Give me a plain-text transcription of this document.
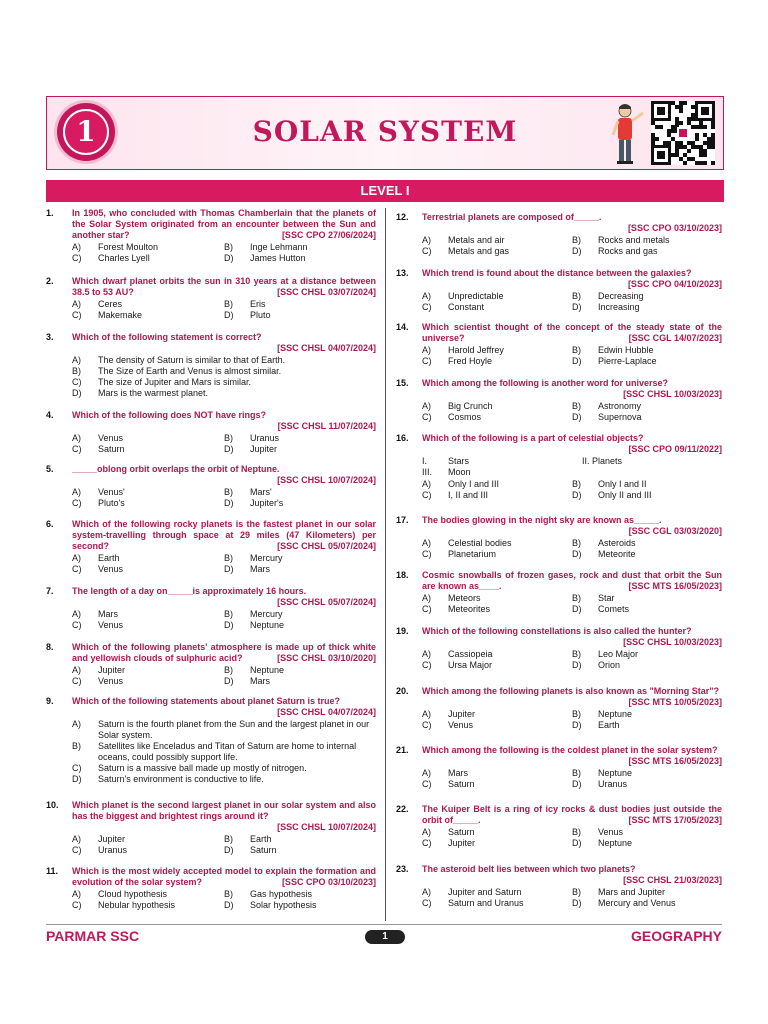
1	SOLAR SYSTEM
LEVEL I
1. In 1905, who concluded with Thomas Chamberlain that the planets of the Solar System originated from an encounter between the Sun and another star?	[SSC CPO 27/06/2024]
A)	Forest Moulton	B)	Inge Lehmann
C)	Charles Lyell	D)	James Hutton
2. Which dwarf planet orbits the sun in 310 years at a distance between 38.5 to 53 AU?	[SSC CHSL 03/07/2024]
A)	Ceres	B)	Eris
C)	Makemake	D)	Pluto
3. Which of the following statement is correct?
[SSC CHSL 04/07/2024]
A)	The density of Saturn is similar to that of Earth.
B)	The Size of Earth and Venus is almost similar.
C)	The size of Jupiter and Mars is similar.
D)	Mars is the warmest planet.
4. Which of the following does NOT have rings?
[SSC CHSL 11/07/2024]
A)	Venus	B)	Uranus
C)	Saturn	D)	Jupiter
5. _____oblong orbit overlaps the orbit of Neptune.
[SSC CHSL 10/07/2024]
A)	Venus'	B)	Mars'
C)	Pluto's	D)	Jupiter's
6. Which of the following rocky planets is the fastest planet in our solar system-travelling through space at 29 miles (47 Kilometers) per second?	[SSC CHSL 05/07/2024]
A)	Earth	B)	Mercury
C)	Venus	D)	Mars
7. The length of a day on_____is approximately 16 hours.
[SSC CHSL 05/07/2024]
A)	Mars	B)	Mercury
C)	Venus	D)	Neptune
8. Which of the following planets' atmosphere is made up of thick white and yellowish clouds of sulphuric acid?	[SSC CHSL 03/10/2020]
A)	Jupiter	B)	Neptune
C)	Venus	D)	Mars
9. Which of the following statements about planet Saturn is true?
[SSC CHSL 04/07/2024]
A)	Saturn is the fourth planet from the Sun and the largest planet in our Solar system.
B)	Satellites like Enceladus and Titan of Saturn are home to internal oceans, could possibly support life.
C)	Saturn is a massive ball made up mostly of nitrogen.
D)	Saturn's environment is conductive to life.
10. Which planet is the second largest planet in our solar system and also has the biggest and brightest rings around it?
[SSC CHSL 10/07/2024]
A)	Jupiter	B)	Earth
C)	Uranus	D)	Saturn
11. Which is the most widely accepted model to explain the formation and evolution of the solar system?	[SSC CPO 03/10/2023]
A)	Cloud hypothesis	B)	Gas hypothesis
C)	Nebular hypothesis	D)	Solar hypothesis
12. Terrestrial planets are composed of_____.
[SSC CPO 03/10/2023]
A)	Metals and air	B)	Rocks and metals
C)	Metals and gas	D)	Rocks and gas
13. Which trend is found about the distance between the galaxies?
[SSC CPO 04/10/2023]
A)	Unpredictable	B)	Decreasing
C)	Constant	D)	Increasing
14. Which scientist thought of the concept of the steady state of the universe?	[SSC CGL 14/07/2023]
A)	Harold Jeffrey	B)	Edwin Hubble
C)	Fred Hoyle	D)	Pierre-Laplace
15. Which among the following is another word for universe?
[SSC CHSL 10/03/2023]
A)	Big Crunch	B)	Astronomy
C)	Cosmos	D)	Supernova
16. Which of the following is a part of celestial objects?
[SSC CPO 09/11/2022]
I.	Stars	II. Planets
III.	Moon
A)	Only I and III	B)	Only I and II
C)	I, II and III	D)	Only II and III
17. The bodies glowing in the night sky are known as_____.
[SSC CGL 03/03/2020]
A)	Celestial bodies	B)	Asteroids
C)	Planetarium	D)	Meteorite
18. Cosmic snowballs of frozen gases, rock and dust that orbit the Sun are known as____.	[SSC MTS 16/05/2023]
A)	Meteors	B)	Star
C)	Meteorites	D)	Comets
19. Which of the following constellations is also called the hunter?
[SSC CHSL 10/03/2023]
A)	Cassiopeia	B)	Leo Major
C)	Ursa Major	D)	Orion
20. Which among the following planets is also known as "Morning Star"?
[SSC MTS 10/05/2023]
A)	Jupiter	B)	Neptune
C)	Venus	D)	Earth
21. Which among the following is the coldest planet in the solar system?
[SSC MTS 16/05/2023]
A)	Mars	B)	Neptune
C)	Saturn	D)	Uranus
22. The Kuiper Belt is a ring of icy rocks & dust bodies just outside the orbit of_____.	[SSC MTS 17/05/2023]
A)	Saturn	B)	Venus
C)	Jupiter	D)	Neptune
23. The asteroid belt lies between which two planets?
[SSC CHSL 21/03/2023]
A)	Jupiter and Saturn	B)	Mars and Jupiter
C)	Saturn and Uranus	D)	Mercury and Venus
PARMAR SSC	1	GEOGRAPHY
